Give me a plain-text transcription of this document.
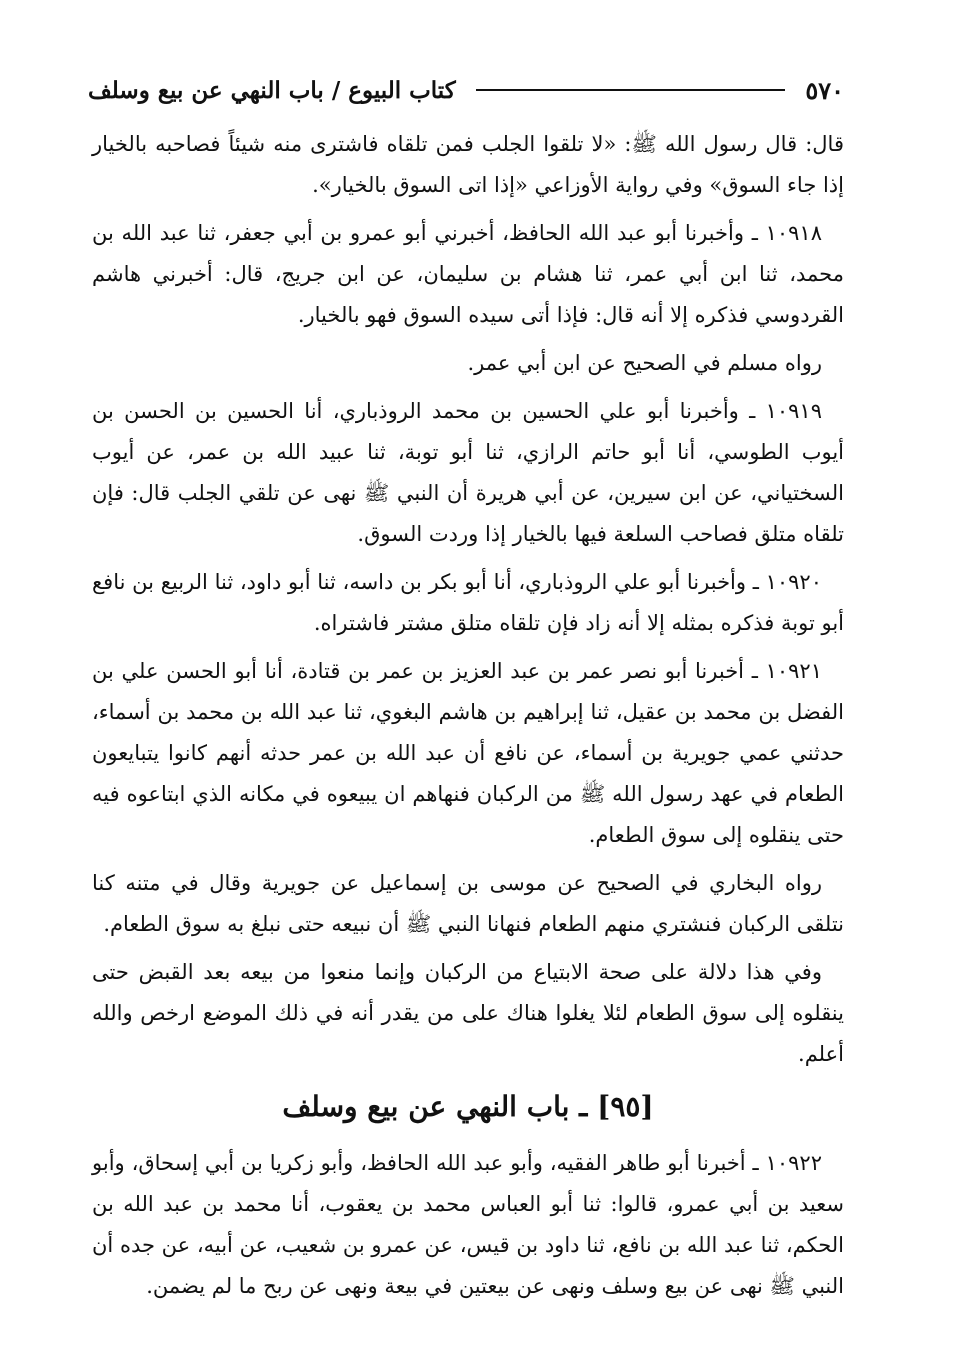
٥٧٠
كتاب البيوع / باب النهي عن بيع وسلف

قال: قال رسول الله ﷺ: «لا تلقوا الجلب فمن تلقاه فاشترى منه شيئاً فصاحبه بالخيار إذا جاء السوق» وفي رواية الأوزاعي «إذا اتى السوق بالخيار».

١٠٩١٨ ـ وأخبرنا أبو عبد الله الحافظ، أخبرني أبو عمرو بن أبي جعفر، ثنا عبد الله بن محمد، ثنا ابن أبي عمر، ثنا هشام بن سليمان، عن ابن جريج، قال: أخبرني هاشم القردوسي فذكره إلا أنه قال: فإذا أتى سيده السوق فهو بالخيار.

رواه مسلم في الصحيح عن ابن أبي عمر.

١٠٩١٩ ـ وأخبرنا أبو علي الحسين بن محمد الروذباري، أنا الحسين بن الحسن بن أيوب الطوسي، أنا أبو حاتم الرازي، ثنا أبو توبة، ثنا عبيد الله بن عمر، عن أيوب السختياني، عن ابن سيرين، عن أبي هريرة أن النبي ﷺ نهى عن تلقي الجلب قال: فإن تلقاه متلق فصاحب السلعة فيها بالخيار إذا وردت السوق.

١٠٩٢٠ ـ وأخبرنا أبو علي الروذباري، أنا أبو بكر بن داسه، ثنا أبو داود، ثنا الربيع بن نافع أبو توبة فذكره بمثله إلا أنه زاد فإن تلقاه متلق مشتر فاشتراه.

١٠٩٢١ ـ أخبرنا أبو نصر عمر بن عبد العزيز بن عمر بن قتادة، أنا أبو الحسن علي بن الفضل بن محمد بن عقيل، ثنا إبراهيم بن هاشم البغوي، ثنا عبد الله بن محمد بن أسماء، حدثني عمي جويرية بن أسماء، عن نافع أن عبد الله بن عمر حدثه أنهم كانوا يتبايعون الطعام في عهد رسول الله ﷺ من الركبان فنهاهم ان يبيعوه في مكانه الذي ابتاعوه فيه حتى ينقلوه إلى سوق الطعام.

رواه البخاري في الصحيح عن موسى بن إسماعيل عن جويرية وقال في متنه كنا نتلقى الركبان فنشتري منهم الطعام فنهانا النبي ﷺ أن نبيعه حتى نبلغ به سوق الطعام.

وفي هذا دلالة على صحة الابتياع من الركبان وإنما منعوا من بيعه بعد القبض حتى ينقلوه إلى سوق الطعام لئلا يغلوا هناك على من يقدر أنه في ذلك الموضع ارخص والله أعلم.

[٩٥] ـ باب النهي عن بيع وسلف

١٠٩٢٢ ـ أخبرنا أبو طاهر الفقيه، وأبو عبد الله الحافظ، وأبو زكريا بن أبي إسحاق، وأبو سعيد بن أبي عمرو، قالوا: ثنا أبو العباس محمد بن يعقوب، أنا محمد بن عبد الله بن الحكم، ثنا عبد الله بن نافع، ثنا داود بن قيس، عن عمرو بن شعيب، عن أبيه، عن جده أن النبي ﷺ نهى عن بيع وسلف ونهى عن بيعتين في بيعة ونهى عن ربح ما لم يضمن.
